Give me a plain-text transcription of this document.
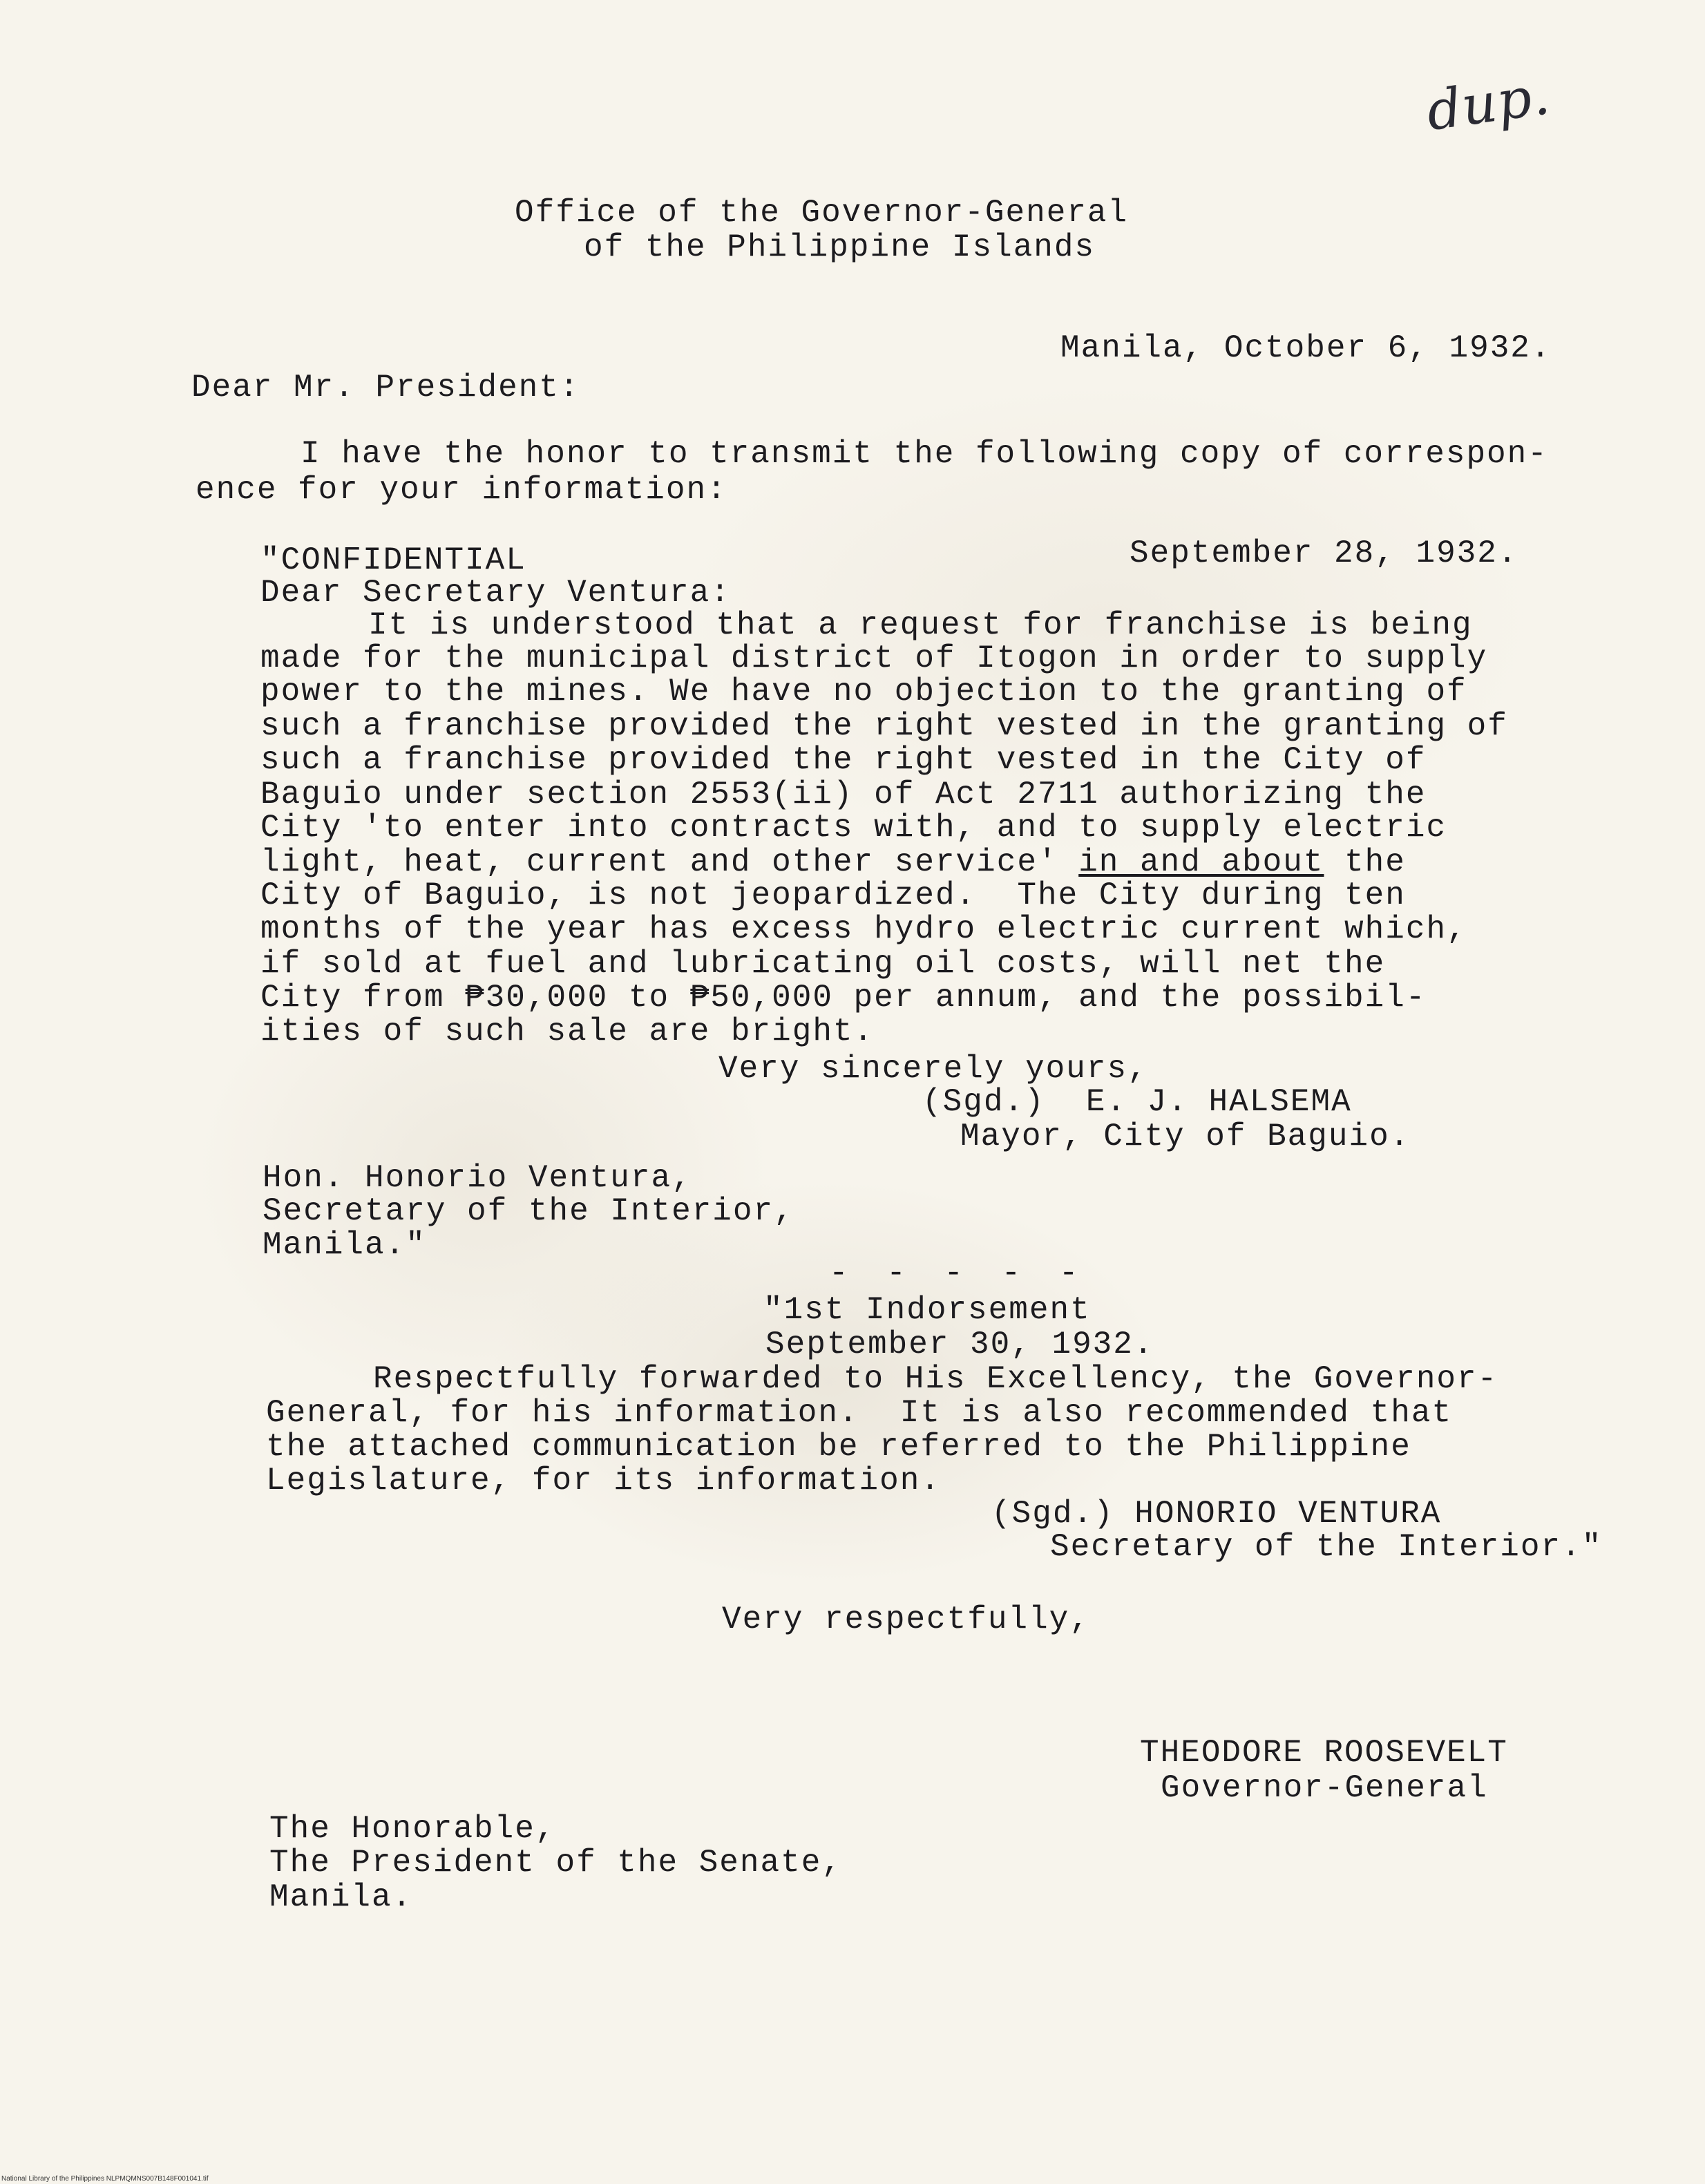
dup.
Office of the Governor-General
of the Philippine Islands
Manila, October 6, 1932.
Dear Mr. President:
I have the honor to transmit the following copy of correspon-
ence for your information:
"CONFIDENTIAL	September 28, 1932.
Dear Secretary Ventura:
It is understood that a request for franchise is being
made for the municipal district of Itogon in order to supply
power to the mines. We have no objection to the granting of
such a franchise provided the right vested in the granting of
such a franchise provided the right vested in the City of
Baguio under section 2553(ii) of Act 2711 authorizing the
City 'to enter into contracts with, and to supply electric
light, heat, current and other service' in and about the
City of Baguio, is not jeopardized.  The City during ten
months of the year has excess hydro electric current which,
if sold at fuel and lubricating oil costs, will net the
City from ₱30,000 to ₱50,000 per annum, and the possibil-
ities of such sale are bright.
Very sincerely yours,
(Sgd.) E. J. HALSEMA
Mayor, City of Baguio.
Hon. Honorio Ventura,
Secretary of the Interior,
Manila."
- - - - -
"1st Indorsement
September 30, 1932.
Respectfully forwarded to His Excellency, the Governor-
General, for his information.  It is also recommended that
the attached communication be referred to the Philippine
Legislature, for its information.
(Sgd.) HONORIO VENTURA
Secretary of the Interior."
Very respectfully,
THEODORE ROOSEVELT
Governor-General
The Honorable,
The President of the Senate,
Manila.
National Library of the Philippines NLPMQMNS007B148F001041.tif
